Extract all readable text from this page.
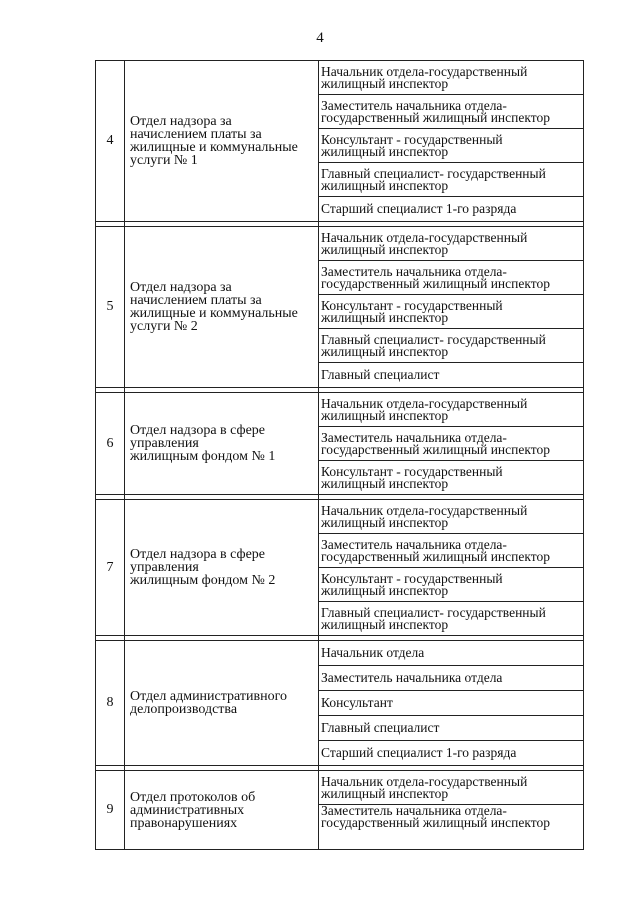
4
4	Отдел надзора за
начислением платы за
жилищные и коммунальные
услуги № 1	Начальник отдела-государственный
жилищный инспектор
		Заместитель начальника отдела-
государственный жилищный инспектор
		Консультант - государственный
жилищный инспектор
		Главный специалист- государственный
жилищный инспектор
		Старший специалист 1-го разряда

5	Отдел надзора за
начислением платы за
жилищные и коммунальные
услуги № 2	Начальник отдела-государственный
жилищный инспектор
		Заместитель начальника отдела-
государственный жилищный инспектор
		Консультант - государственный
жилищный инспектор
		Главный специалист- государственный
жилищный инспектор
		Главный специалист

6	Отдел надзора в сфере
управления
жилищным фондом № 1	Начальник отдела-государственный
жилищный инспектор
		Заместитель начальника отдела-
государственный жилищный инспектор
		Консультант - государственный
жилищный инспектор

7	Отдел надзора в сфере
управления
жилищным фондом № 2	Начальник отдела-государственный
жилищный инспектор
		Заместитель начальника отдела-
государственный жилищный инспектор
		Консультант - государственный
жилищный инспектор
		Главный специалист- государственный
жилищный инспектор

8	Отдел административного
делопроизводства	Начальник отдела
		Заместитель начальника отдела
		Консультант
		Главный специалист
		Старший специалист 1-го разряда

9	Отдел протоколов об
административных
правонарушениях	Начальник отдела-государственный
жилищный инспектор
		Заместитель начальника отдела-
государственный жилищный инспектор
